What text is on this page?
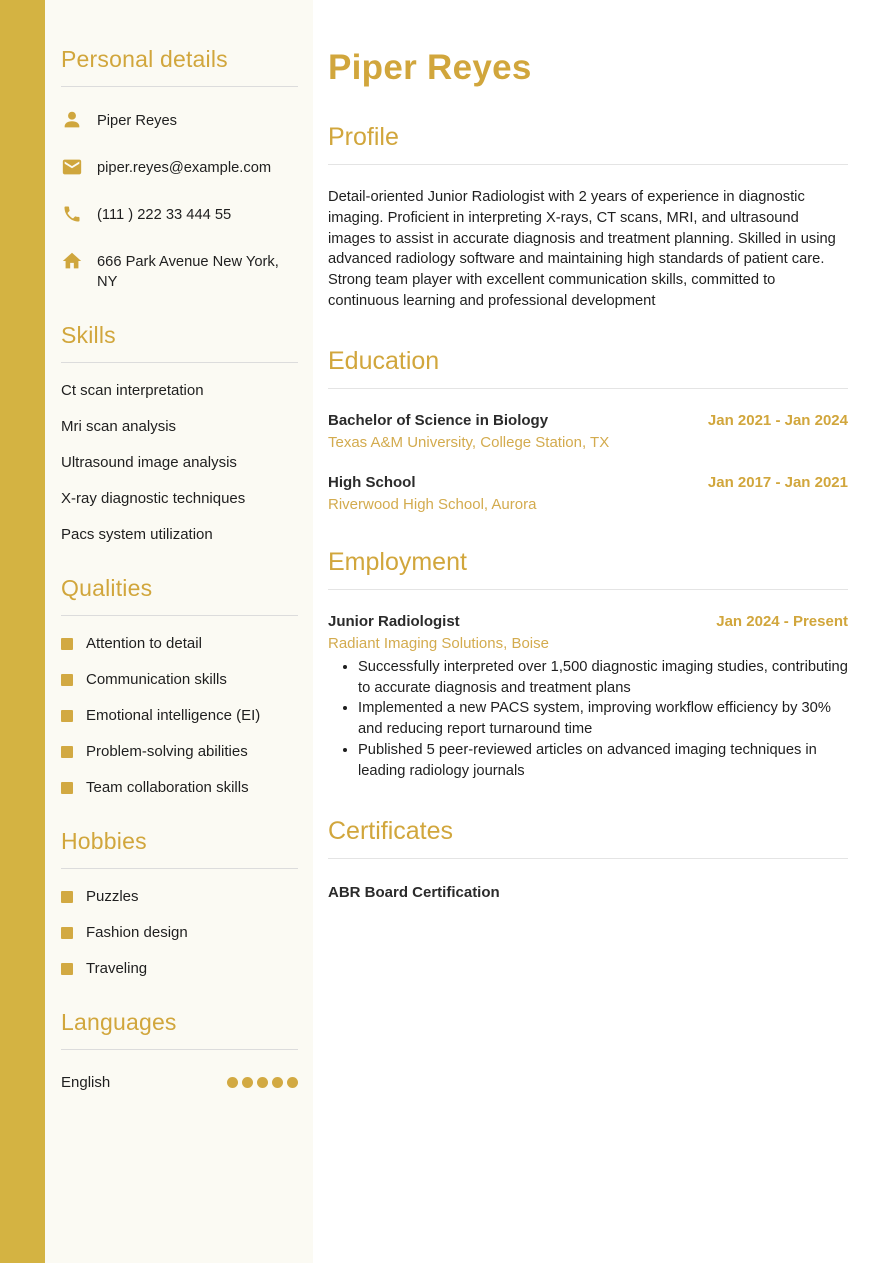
Personal details
Piper Reyes
piper.reyes@example.com
(111 ) 222 33 444 55
666 Park Avenue New York, NY
Skills
Ct scan interpretation
Mri scan analysis
Ultrasound image analysis
X-ray diagnostic techniques
Pacs system utilization
Qualities
Attention to detail
Communication skills
Emotional intelligence (EI)
Problem-solving abilities
Team collaboration skills
Hobbies
Puzzles
Fashion design
Traveling
Languages
English
Piper Reyes
Profile

Detail-oriented Junior Radiologist with 2 years of experience in diagnostic imaging. Proficient in interpreting X-rays, CT scans, MRI, and ultrasound images to assist in accurate diagnosis and treatment planning. Skilled in using advanced radiology software and maintaining high standards of patient care. Strong team player with excellent communication skills, committed to continuous learning and professional development

Education
Bachelor of Science in Biology	Jan 2021 - Jan 2024
Texas A&M University, College Station, TX
High School	Jan 2017 - Jan 2021
Riverwood High School, Aurora
Employment
Junior Radiologist	Jan 2024 - Present
Radiant Imaging Solutions, Boise
• Successfully interpreted over 1,500 diagnostic imaging studies, contributing to accurate diagnosis and treatment plans
• Implemented a new PACS system, improving workflow efficiency by 30% and reducing report turnaround time
• Published 5 peer-reviewed articles on advanced imaging techniques in leading radiology journals
Certificates
ABR Board Certification
